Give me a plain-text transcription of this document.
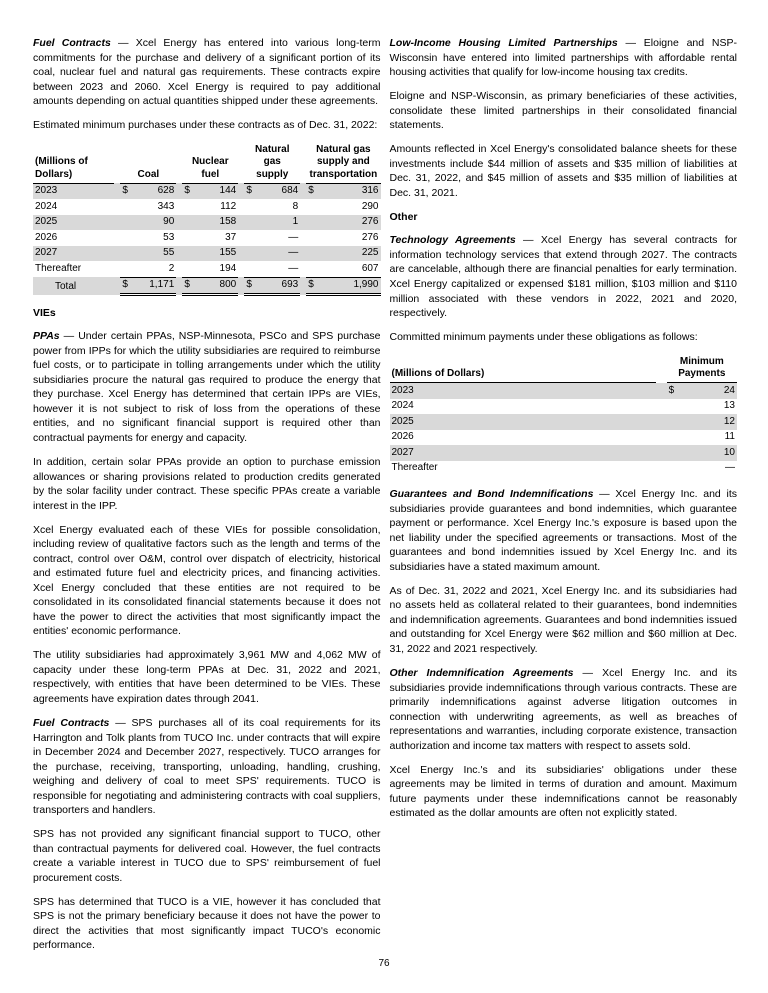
Fuel Contracts — Xcel Energy has entered into various long-term commitments for the purchase and delivery of a significant portion of its coal, nuclear fuel and natural gas requirements. These contracts expire between 2023 and 2060. Xcel Energy is required to pay additional amounts depending on actual quantities shipped under these agreements.

Estimated minimum purchases under these contracts as of Dec. 31, 2022:

(Millions of Dollars)		Coal			Nuclear fuel			Natural gas supply			Natural gas supply and transportation	
2023		$	628		$	144		$	684		$	316
2024			343			112			8			290
2025			90			158			1			276
2026			53			37			—			276
2027			55			155			—			225
Thereafter			2			194			—			607
Total		$	1,171		$	800		$	693		$	1,990
VIEs

PPAs — Under certain PPAs, NSP-Minnesota, PSCo and SPS purchase power from IPPs for which the utility subsidiaries are required to reimburse fuel costs, or to participate in tolling arrangements under which the utility subsidiaries procure the natural gas required to produce the energy that they purchase. Xcel Energy has determined that certain IPPs are VIEs, however it is not subject to risk of loss from the operations of these entities, and no significant financial support is required other than contractual payments for energy and capacity.

In addition, certain solar PPAs provide an option to purchase emission allowances or sharing provisions related to production credits generated by the solar facility under contract. These specific PPAs create a variable interest in the IPP.

Xcel Energy evaluated each of these VIEs for possible consolidation, including review of qualitative factors such as the length and terms of the contract, control over O&M, control over dispatch of electricity, historical and estimated future fuel and electricity prices, and financing activities. Xcel Energy concluded that these entities are not required to be consolidated in its consolidated financial statements because it does not have the power to direct the activities that most significantly impact the entities' economic performance.

The utility subsidiaries had approximately 3,961 MW and 4,062 MW of capacity under these long-term PPAs at Dec. 31, 2022 and 2021, respectively, with entities that have been determined to be VIEs. These agreements have expiration dates through 2041.

Fuel Contracts — SPS purchases all of its coal requirements for its Harrington and Tolk plants from TUCO Inc. under contracts that will expire in December 2024 and December 2027, respectively. TUCO arranges for the purchase, receiving, transporting, unloading, handling, crushing, weighing and delivery of coal to meet SPS' requirements. TUCO is responsible for negotiating and administering contracts with coal suppliers, transporters and handlers.

SPS has not provided any significant financial support to TUCO, other than contractual payments for delivered coal. However, the fuel contracts create a variable interest in TUCO due to SPS' reimbursement of fuel procurement costs.

SPS has determined that TUCO is a VIE, however it has concluded that SPS is not the primary beneficiary because it does not have the power to direct the activities that most significantly impact TUCO's economic performance.

Low-Income Housing Limited Partnerships — Eloigne and NSP-Wisconsin have entered into limited partnerships with affordable rental housing activities that qualify for low-income housing tax credits.

Eloigne and NSP-Wisconsin, as primary beneficiaries of these activities, consolidate these limited partnerships in their consolidated financial statements.

Amounts reflected in Xcel Energy's consolidated balance sheets for these investments include $44 million of assets and $35 million of liabilities at Dec. 31, 2022, and $45 million of assets and $35 million of liabilities at Dec. 31, 2021.

Other

Technology Agreements — Xcel Energy has several contracts for information technology services that extend through 2027. The contracts are cancelable, although there are financial penalties for early termination. Xcel Energy capitalized or expensed $181 million, $103 million and $110 million associated with these vendors in 2022, 2021 and 2020, respectively.

Committed minimum payments under these obligations as follows:

(Millions of Dollars)		Minimum Payments	
2023		$	24
2024			13
2025			12
2026			11
2027			10
Thereafter			—

Guarantees and Bond Indemnifications — Xcel Energy Inc. and its subsidiaries provide guarantees and bond indemnities, which guarantee payment or performance. Xcel Energy Inc.'s exposure is based upon the net liability under the specified agreements or transactions. Most of the guarantees and bond indemnities issued by Xcel Energy Inc. and its subsidiaries have a stated maximum amount.

As of Dec. 31, 2022 and 2021, Xcel Energy Inc. and its subsidiaries had no assets held as collateral related to their guarantees, bond indemnities and indemnification agreements. Guarantees and bond indemnities issued and outstanding for Xcel Energy were $62 million and $60 million at Dec. 31, 2022 and 2021 respectively.

Other Indemnification Agreements — Xcel Energy Inc. and its subsidiaries provide indemnifications through various contracts. These are primarily indemnifications against adverse litigation outcomes in connection with underwriting agreements, as well as breaches of representations and warranties, including corporate existence, transaction authorization and income tax matters with respect to assets sold.

Xcel Energy Inc.'s and its subsidiaries' obligations under these agreements may be limited in terms of duration and amount. Maximum future payments under these indemnifications cannot be reasonably estimated as the dollar amounts are often not explicitly stated.

76
